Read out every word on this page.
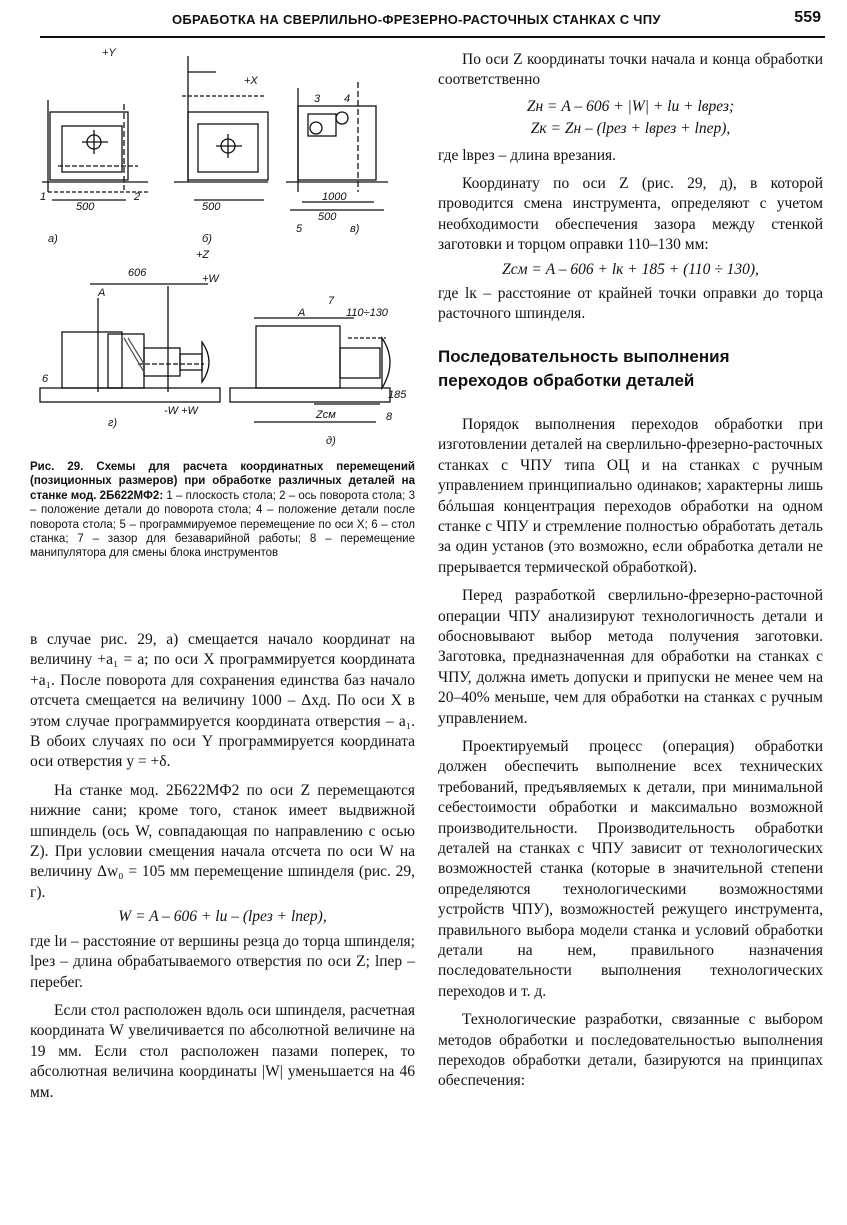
ОБРАБОТКА НА СВЕРЛИЛЬНО-ФРЕЗЕРНО-РАСТОЧНЫХ СТАНКАХ С ЧПУ	559
+Y
+X
500	500
500
1000
а)	б)
в)
1	2
3 4
5
606
+Z
+W
A
6
-W +W
г)
A
7
110÷130
185
Zсм	8
д)
Рис. 29. Схемы для расчета координатных перемещений (позиционных размеров) при обработке различных деталей на станке мод. 2Б622МФ2: 1 – плоскость стола; 2 – ось поворота стола; 3 – положение детали до поворота стола; 4 – положение детали после поворота стола; 5 – программируемое перемещение по оси X; 6 – стол станка; 7 – зазор для безаварийной работы; 8 – перемещение манипулятора для смены блока инструментов

в случае рис. 29, а) смещается начало координат на величину +a₁ = a; по оси X программируется координата +a₁. После поворота для сохранения единства баз начало отсчета смещается на величину 1000 – Δxд. По оси X в этом случае программируется координата отверстия – a₁. В обоих случаях по оси Y программируется координата оси отверстия y = +δ.

На станке мод. 2Б622МФ2 по оси Z перемещаются нижние сани; кроме того, станок имеет выдвижной шпиндель (ось W, совпадающая по направлению с осью Z). При условии смещения начала отсчета по оси W на величину Δw₀ = 105 мм перемещение шпинделя (рис. 29, г).

W = A – 606 + lи – (lрез + lпер),

где lи – расстояние от вершины резца до торца шпинделя; lрез – длина обрабатываемого отверстия по оси Z; lпер – перебег.

Если стол расположен вдоль оси шпинделя, расчетная координата W увеличивается по абсолютной величине на 19 мм. Если стол расположен пазами поперек, то абсолютная величина координаты |W| уменьшается на 46 мм.

По оси Z координаты точки начала и конца обработки соответственно

Zн = A – 606 + |W| + lи + lврез;
Zк = Zн – (lрез + lврез + lпер),

где lврез – длина врезания.

Координату по оси Z (рис. 29, д), в которой проводится смена инструмента, определяют с учетом необходимости обеспечения зазора между стенкой заготовки и торцом оправки 110–130 мм:

Zсм = A – 606 + lк + 185 + (110 ÷ 130),

где lк – расстояние от крайней точки оправки до торца расточного шпинделя.

Последовательность выполнения переходов обработки деталей

Порядок выполнения переходов обработки при изготовлении деталей на сверлильно-фрезерно-расточных станках с ЧПУ типа ОЦ и на станках с ручным управлением принципиально одинаков; характерны лишь бóльшая концентрация переходов обработки на одном станке с ЧПУ и стремление полностью обработать деталь за один установ (это возможно, если обработка детали не прерывается термической обработкой).

Перед разработкой сверлильно-фрезерно-расточной операции ЧПУ анализируют технологичность детали и обосновывают выбор метода получения заготовки. Заготовка, предназначенная для обработки на станках с ЧПУ, должна иметь допуски и припуски не менее чем на 20–40% меньше, чем для обработки на станках с ручным управлением.

Проектируемый процесс (операция) обработки должен обеспечить выполнение всех технических требований, предъявляемых к детали, при минимальной себестоимости обработки и максимально возможной производительности. Производительность обработки деталей на станках с ЧПУ зависит от технологических возможностей станка (которые в значительной степени определяются технологическими возможностями устройств ЧПУ), возможностей режущего инструмента, правильного выбора модели станка и условий обработки детали на нем, правильного назначения последовательности выполнения технологических переходов и т. д.

Технологические разработки, связанные с выбором методов обработки и последовательностью выполнения переходов обработки детали, базируются на принципах обеспечения:
